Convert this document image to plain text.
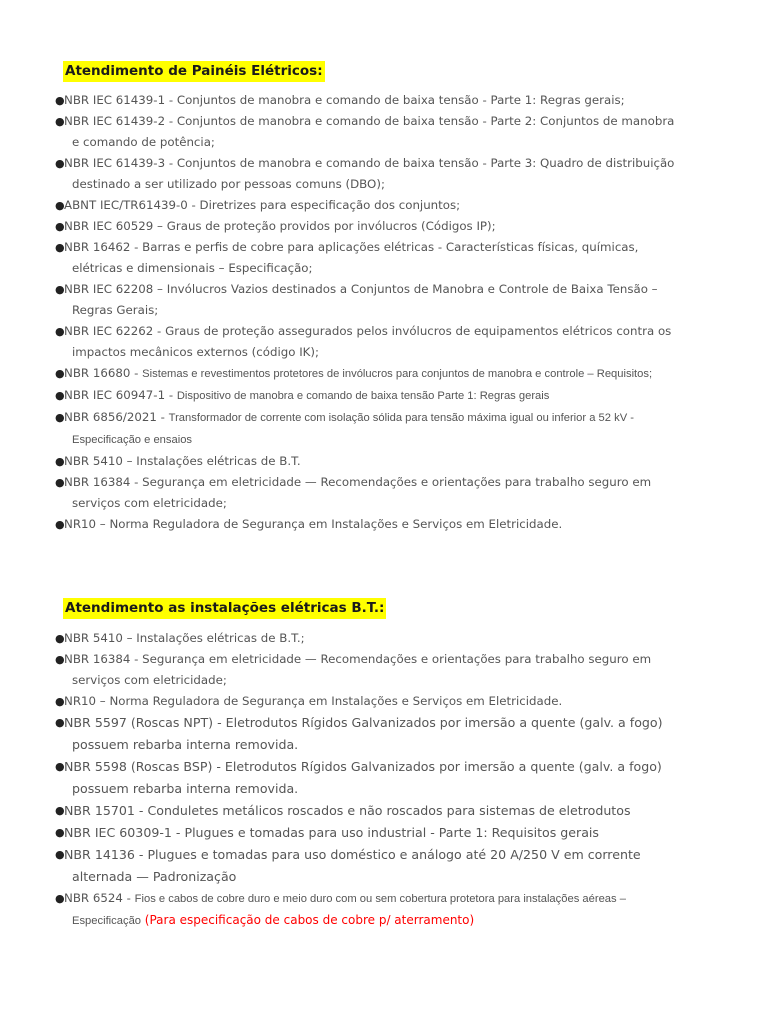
Atendimento de Painéis Elétricos:
● NBR IEC 61439-1 - Conjuntos de manobra e comando de baixa tensão - Parte 1: Regras gerais;
● NBR IEC 61439-2 - Conjuntos de manobra e comando de baixa tensão - Parte 2: Conjuntos de manobra e comando de potência;
● NBR IEC 61439-3 - Conjuntos de manobra e comando de baixa tensão - Parte 3: Quadro de distribuição destinado a ser utilizado por pessoas comuns (DBO);
● ABNT IEC/TR61439-0 - Diretrizes para especificação dos conjuntos;
● NBR IEC 60529 – Graus de proteção providos por invólucros (Códigos IP);
● NBR 16462 - Barras e perfis de cobre para aplicações elétricas - Características físicas, químicas, elétricas e dimensionais – Especificação;
● NBR IEC 62208 – Invólucros Vazios destinados a Conjuntos de Manobra e Controle de Baixa Tensão – Regras Gerais;
● NBR IEC 62262 - Graus de proteção assegurados pelos invólucros de equipamentos elétricos contra os impactos mecânicos externos (código IK);
● NBR 16680 - Sistemas e revestimentos protetores de invólucros para conjuntos de manobra e controle – Requisitos;
● NBR IEC 60947-1 - Dispositivo de manobra e comando de baixa tensão Parte 1: Regras gerais
● NBR 6856/2021 - Transformador de corrente com isolação sólida para tensão máxima igual ou inferior a 52 kV - Especificação e ensaios
● NBR 5410 – Instalações elétricas de B.T.
● NBR 16384 - Segurança em eletricidade — Recomendações e orientações para trabalho seguro em serviços com eletricidade;
● NR10 – Norma Reguladora de Segurança em Instalações e Serviços em Eletricidade.
Atendimento as instalações elétricas B.T.:
● NBR 5410 – Instalações elétricas de B.T.;
● NBR 16384 - Segurança em eletricidade — Recomendações e orientações para trabalho seguro em serviços com eletricidade;
● NR10 – Norma Reguladora de Segurança em Instalações e Serviços em Eletricidade.
● NBR 5597 (Roscas NPT) - Eletrodutos Rígidos Galvanizados por imersão a quente (galv. a fogo) possuem rebarba interna removida.
● NBR 5598 (Roscas BSP) - Eletrodutos Rígidos Galvanizados por imersão a quente (galv. a fogo) possuem rebarba interna removida.
● NBR 15701 - Conduletes metálicos roscados e não roscados para sistemas de eletrodutos
● NBR IEC 60309-1 - Plugues e tomadas para uso industrial - Parte 1: Requisitos gerais
● NBR 14136 - Plugues e tomadas para uso doméstico e análogo até 20 A/250 V em corrente alternada — Padronização
● NBR 6524 - Fios e cabos de cobre duro e meio duro com ou sem cobertura protetora para instalações aéreas – Especificação (Para especificação de cabos de cobre p/ aterramento)
